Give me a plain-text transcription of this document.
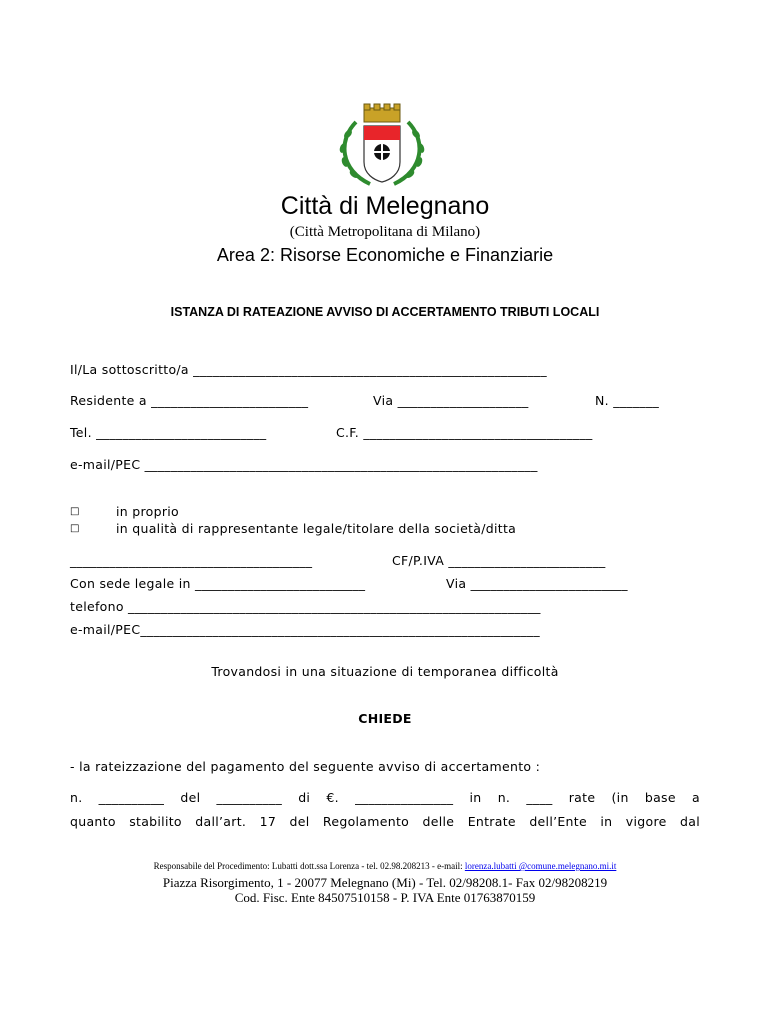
Città di Melegnano
(Città Metropolitana di Milano)
Area 2: Risorse Economiche e Finanziarie
ISTANZA DI RATEAZIONE AVVISO DI ACCERTAMENTO TRIBUTI LOCALI
Il/La sottoscritto/a ______________________________________________________
Residente a ________________________	Via ____________________	N. _______
Tel. __________________________	C.F. ___________________________________
e-mail/PEC ____________________________________________________________
□	in proprio
□	in qualità di rappresentante legale/titolare della società/ditta
_____________________________________	CF/P.IVA ________________________
Con sede legale in __________________________	Via ________________________
telefono _______________________________________________________________
e-mail/PEC_____________________________________________________________
Trovandosi in una situazione di temporanea difficoltà
CHIEDE
- la rateizzazione del pagamento del seguente avviso di accertamento :
n. __________ del __________ di €. _______________ in n. ____ rate (in base a
quanto stabilito dall’art. 17 del Regolamento delle Entrate dell’Ente in vigore dal
Responsabile del Procedimento: Lubatti dott.ssa Lorenza - tel. 02.98.208213 - e-mail: lorenza.lubatti @comune.melegnano.mi.it
Piazza Risorgimento, 1 - 20077 Melegnano (Mi) - Tel. 02/98208.1- Fax 02/98208219
Cod. Fisc. Ente 84507510158 - P. IVA Ente 01763870159
